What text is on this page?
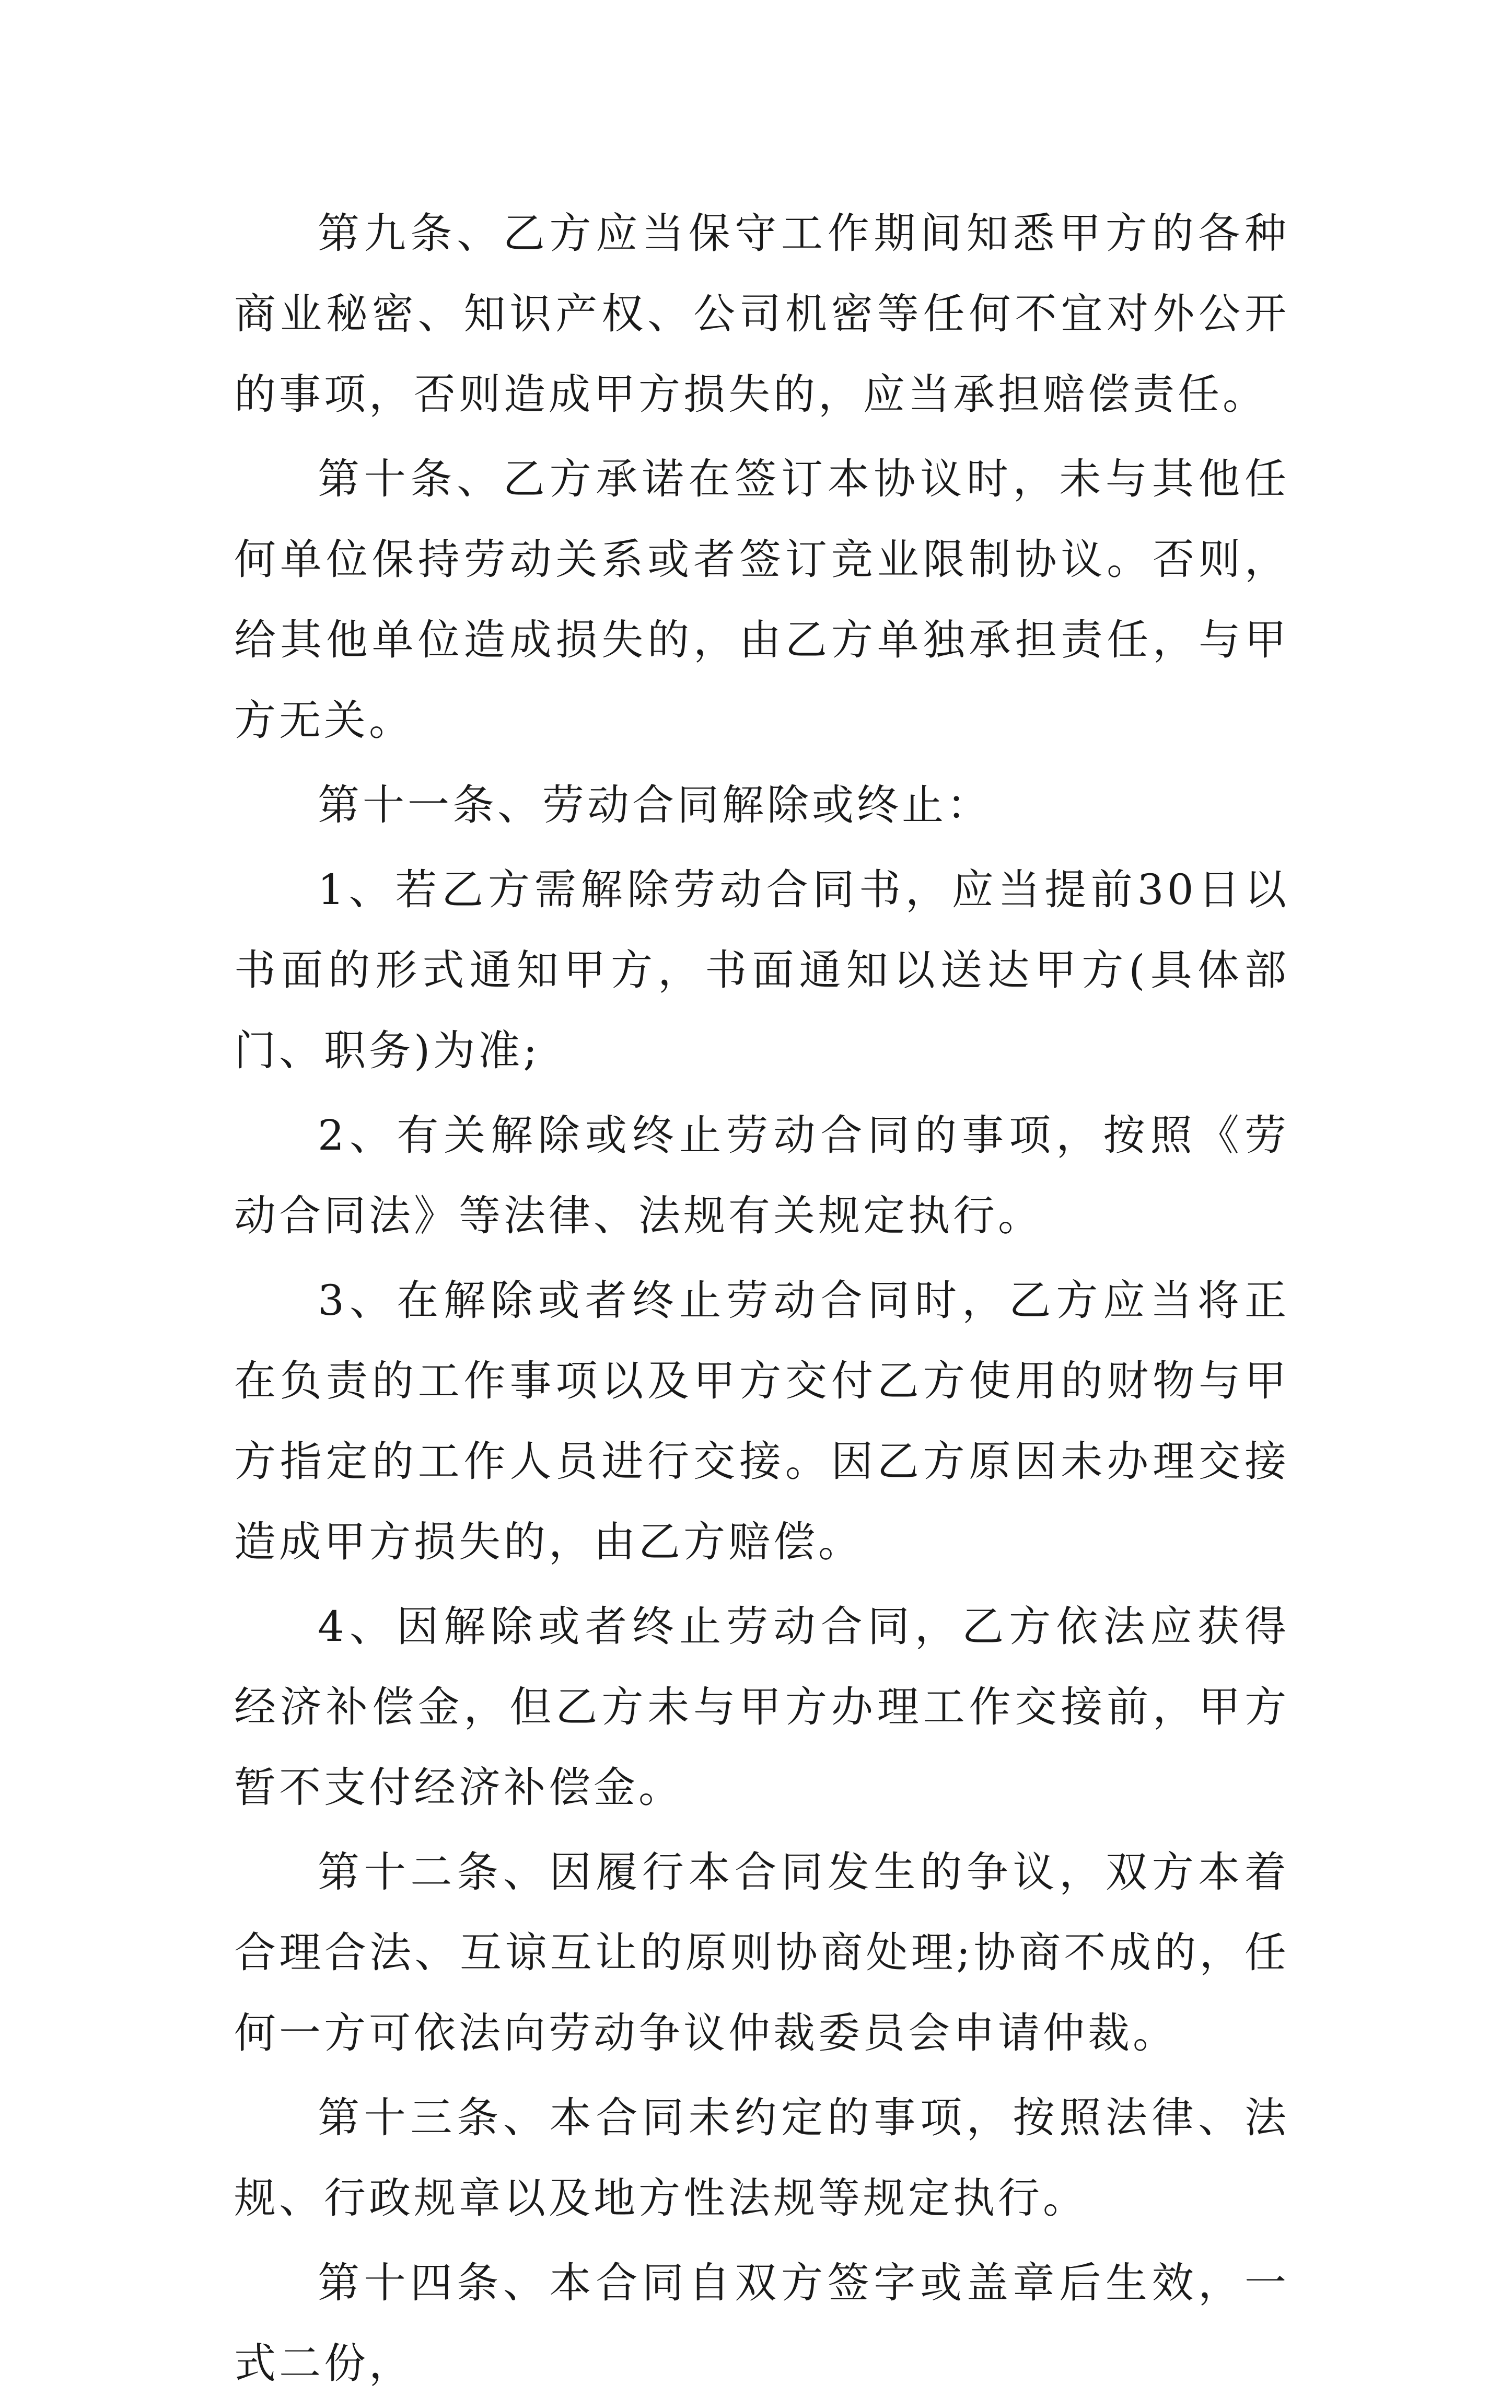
第九条、乙方应当保守工作期间知悉甲方的各种商业秘密、知识产权、公司机密等任何不宜对外公开的事项，否则造成甲方损失的，应当承担赔偿责任。

第十条、乙方承诺在签订本协议时，未与其他任何单位保持劳动关系或者签订竞业限制协议。否则，给其他单位造成损失的，由乙方单独承担责任，与甲方无关。

第十一条、劳动合同解除或终止：

1、若乙方需解除劳动合同书，应当提前30日以书面的形式通知甲方，书面通知以送达甲方(具体部门、职务)为准;

2、有关解除或终止劳动合同的事项，按照《劳动合同法》等法律、法规有关规定执行。

3、在解除或者终止劳动合同时，乙方应当将正在负责的工作事项以及甲方交付乙方使用的财物与甲方指定的工作人员进行交接。因乙方原因未办理交接造成甲方损失的，由乙方赔偿。

4、因解除或者终止劳动合同，乙方依法应获得经济补偿金，但乙方未与甲方办理工作交接前，甲方暂不支付经济补偿金。

第十二条、因履行本合同发生的争议，双方本着合理合法、互谅互让的原则协商处理;协商不成的，任何一方可依法向劳动争议仲裁委员会申请仲裁。

第十三条、本合同未约定的事项，按照法律、法规、行政规章以及地方性法规等规定执行。

第十四条、本合同自双方签字或盖章后生效，一式二份，
